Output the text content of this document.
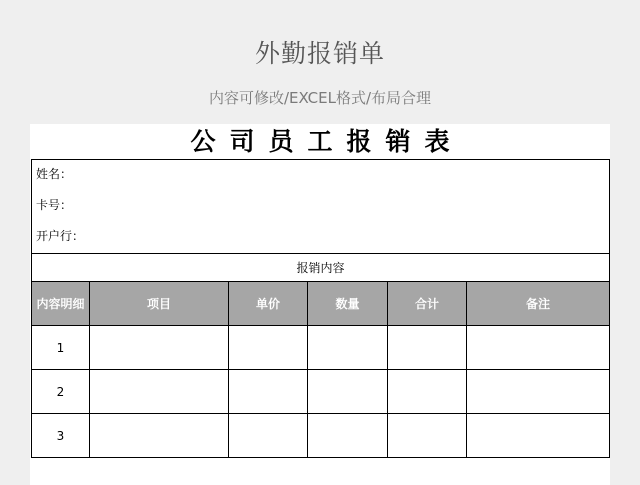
外勤报销单
内容可修改/EXCEL格式/布局合理
公司员工报销表
姓名：
卡号：
开户行：					

报销内容					
内容明细	项目	单价	数量	合计	备注
1					
2					
3					
